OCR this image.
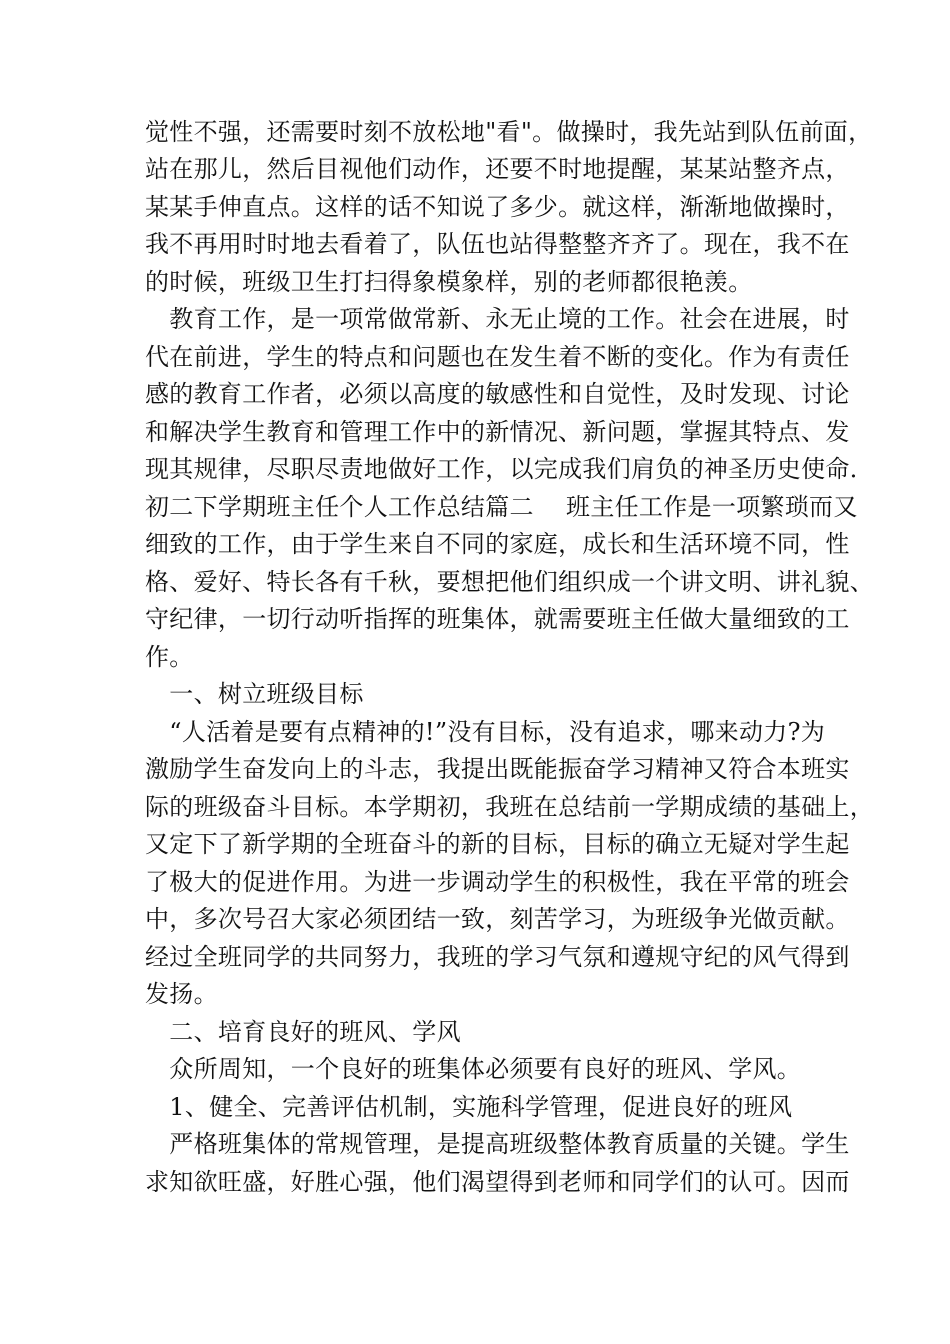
觉性不强，还需要时刻不放松地"看"。做操时，我先站到队伍前面，
站在那儿，然后目视他们动作，还要不时地提醒，某某站整齐点，
某某手伸直点。这样的话不知说了多少。就这样，渐渐地做操时，
我不再用时时地去看着了，队伍也站得整整齐齐了。现在，我不在
的时候，班级卫生打扫得象模象样，别的老师都很艳羡。
　教育工作，是一项常做常新、永无止境的工作。社会在进展，时
代在前进，学生的特点和问题也在发生着不断的变化。作为有责任
感的教育工作者，必须以高度的敏感性和自觉性，及时发现、讨论
和解决学生教育和管理工作中的新情况、新问题，掌握其特点、发
现其规律，尽职尽责地做好工作，以完成我们肩负的神圣历史使命．
初二下学期班主任个人工作总结篇二　 班主任工作是一项繁琐而又
细致的工作，由于学生来自不同的家庭，成长和生活环境不同，性
格、爱好、特长各有千秋，要想把他们组织成一个讲文明、讲礼貌、
守纪律，一切行动听指挥的班集体，就需要班主任做大量细致的工
作。
　一、树立班级目标
　“人活着是要有点精神的!”没有目标，没有追求，哪来动力?为
激励学生奋发向上的斗志，我提出既能振奋学习精神又符合本班实
际的班级奋斗目标。本学期初，我班在总结前一学期成绩的基础上，
又定下了新学期的全班奋斗的新的目标，目标的确立无疑对学生起
了极大的促进作用。为进一步调动学生的积极性，我在平常的班会
中，多次号召大家必须团结一致，刻苦学习，为班级争光做贡献。
经过全班同学的共同努力，我班的学习气氛和遵规守纪的风气得到
发扬。
　二、培育良好的班风、学风
　众所周知，一个良好的班集体必须要有良好的班风、学风。
　1、健全、完善评估机制，实施科学管理，促进良好的班风
　严格班集体的常规管理，是提高班级整体教育质量的关键。学生
求知欲旺盛，好胜心强，他们渴望得到老师和同学们的认可。因而
